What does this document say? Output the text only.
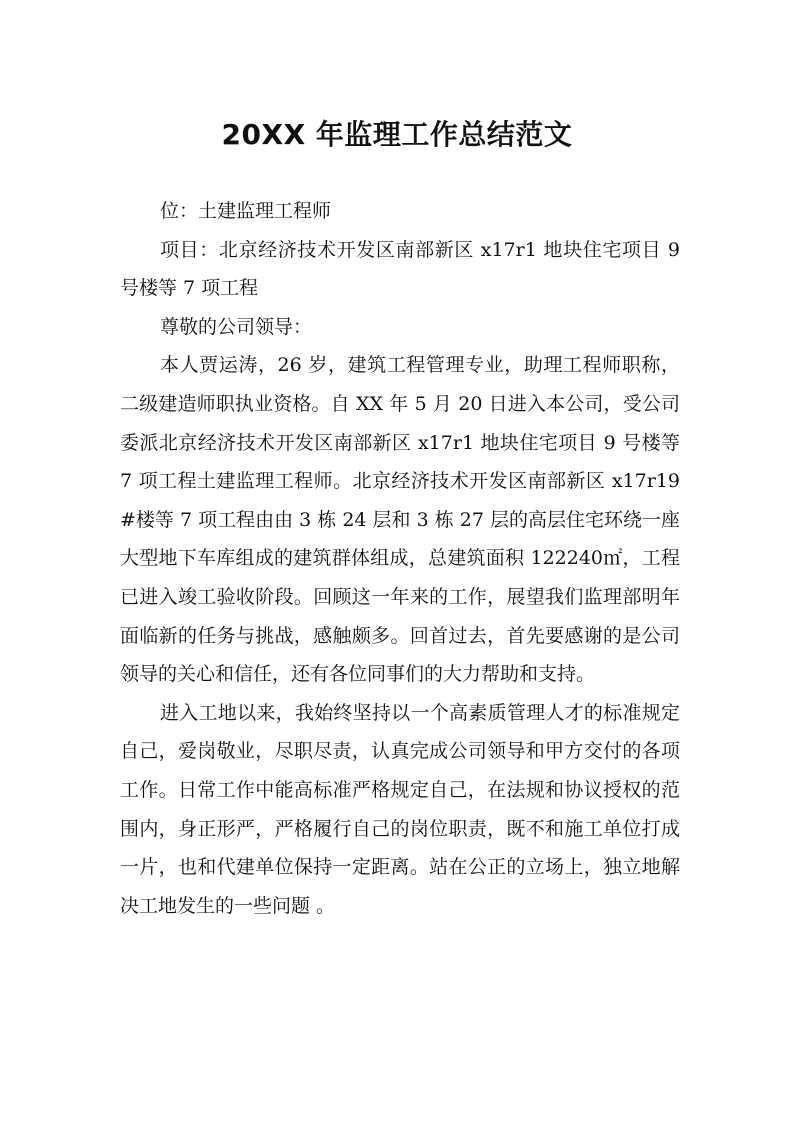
20XX 年监理工作总结范文

位：土建监理工程师

项目：北京经济技术开发区南部新区 x17r1 地块住宅项目 9 号楼等 7 项工程

尊敬的公司领导：

本人贾运涛，26 岁，建筑工程管理专业，助理工程师职称，二级建造师职执业资格。自 XX 年 5 月 20 日进入本公司，受公司委派北京经济技术开发区南部新区 x17r1 地块住宅项目 9 号楼等 7 项工程土建监理工程师。北京经济技术开发区南部新区 x17r19#楼等 7 项工程由由 3 栋 24 层和 3 栋 27 层的高层住宅环绕一座大型地下车库组成的建筑群体组成，总建筑面积 122240㎡，工程已进入竣工验收阶段。回顾这一年来的工作，展望我们监理部明年面临新的任务与挑战，感触颇多。回首过去，首先要感谢的是公司领导的关心和信任，还有各位同事们的大力帮助和支持。

进入工地以来，我始终坚持以一个高素质管理人才的标准规定自己，爱岗敬业，尽职尽责，认真完成公司领导和甲方交付的各项工作。日常工作中能高标准严格规定自己，在法规和协议授权的范围内，身正形严，严格履行自己的岗位职责，既不和施工单位打成一片，也和代建单位保持一定距离。站在公正的立场上，独立地解决工地发生的一些问题 。
